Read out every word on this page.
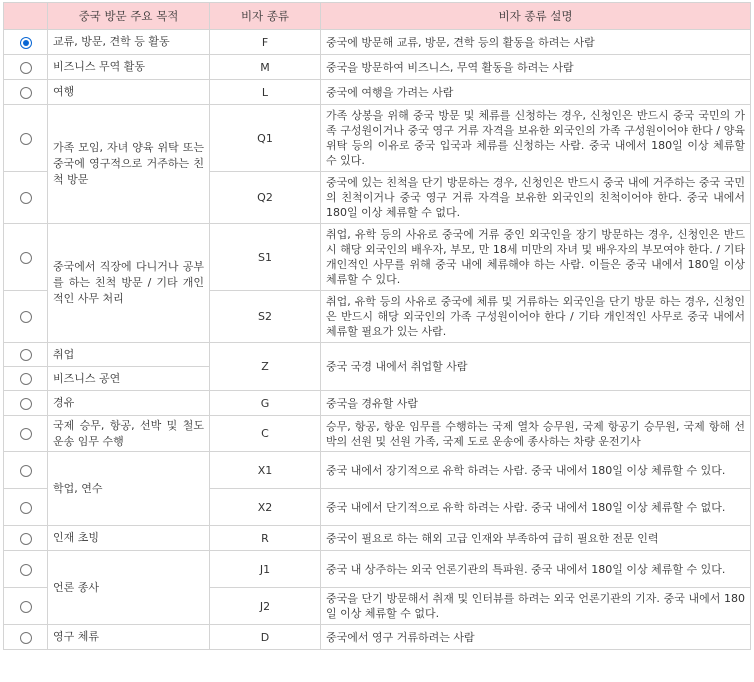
	중국 방문 주요 목적	비자 종류	비자 종류 설명
	교류, 방문, 견학 등 활동	F	중국에 방문해 교류, 방문, 견학 등의 활동을 하려는 사람
	비즈니스 무역 활동	M	중국을 방문하여 비즈니스, 무역 활동을 하려는 사람
	여행	L	중국에 여행을 가려는 사람
	가족 모임, 자녀 양육 위탁 또는 중국에 영구적으로 거주하는 친척 방문	Q1	가족 상봉을 위해 중국 방문 및 체류를 신청하는 경우, 신청인은 반드시 중국 국민의 가족 구성원이거나 중국 영구 거류 자격을 보유한 외국인의 가족 구성원이어야 한다 / 양육 위탁 등의 이유로 중국 입국과 체류를 신청하는 사람. 중국 내에서 180일 이상 체류할 수 있다.
		Q2	중국에 있는 친척을 단기 방문하는 경우, 신청인은 반드시 중국 내에 거주하는 중국 국민의 친척이거나 중국 영구 거류 자격을 보유한 외국인의 친척이어야 한다. 중국 내에서 180일 이상 체류할 수 없다.
	중국에서 직장에 다니거나 공부를 하는 친척 방문 / 기타 개인적인 사무 처리	S1	취업, 유학 등의 사유로 중국에 거류 중인 외국인을 장기 방문하는 경우, 신청인은 반드시 해당 외국인의 배우자, 부모, 만 18세 미만의 자녀 및 배우자의 부모여야 한다. / 기타 개인적인 사무를 위해 중국 내에 체류해야 하는 사람. 이들은 중국 내에서 180일 이상 체류할 수 있다.
		S2	취업, 유학 등의 사유로 중국에 체류 및 거류하는 외국인을 단기 방문 하는 경우, 신청인은 반드시 해당 외국인의 가족 구성원이어야 한다 / 기타 개인적인 사무로 중국 내에서 체류할 필요가 있는 사람.
	취업	Z	중국 국경 내에서 취업할 사람
	비즈니스 공연		
	경유	G	중국을 경유할 사람
	국제 승무, 항공, 선박 및 철도 운송 임무 수행	C	승무, 항공, 항운 임무를 수행하는 국제 열차 승무원, 국제 항공기 승무원, 국제 항해 선박의 선원 및 선원 가족, 국제 도로 운송에 종사하는 차량 운전기사
	학업, 연수	X1	중국 내에서 장기적으로 유학 하려는 사람. 중국 내에서 180일 이상 체류할 수 있다.
		X2	중국 내에서 단기적으로 유학 하려는 사람. 중국 내에서 180일 이상 체류할 수 없다.
	인재 초빙	R	중국이 필요로 하는 해외 고급 인재와 부족하여 급히 필요한 전문 인력
	언론 종사	J1	중국 내 상주하는 외국 언론기관의 특파원. 중국 내에서 180일 이상 체류할 수 있다.
		J2	중국을 단기 방문해서 취재 및 인터뷰를 하려는 외국 언론기관의 기자. 중국 내에서 180일 이상 체류할 수 없다.
	영구 체류	D	중국에서 영구 거류하려는 사람
